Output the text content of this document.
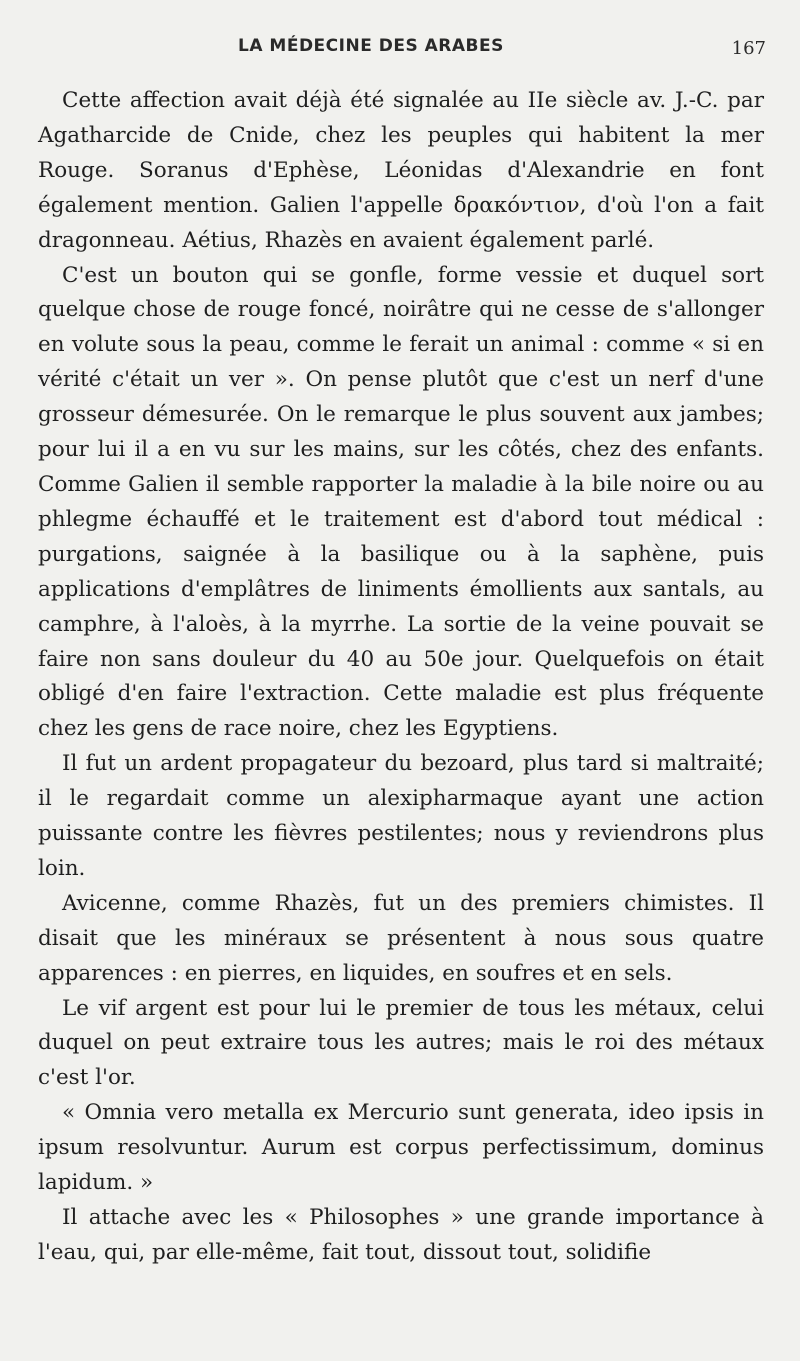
LA MÉDECINE DES ARABES	167

Cette affection avait déjà été signalée au IIe siècle av. J.-C. par Agatharcide de Cnide, chez les peuples qui habitent la mer Rouge. Soranus d'Ephèse, Léonidas d'Alexandrie en font également mention. Galien l'appelle δρακόντιον, d'où l'on a fait dragonneau. Aétius, Rhazès en avaient également parlé.

C'est un bouton qui se gonfle, forme vessie et duquel sort quelque chose de rouge foncé, noirâtre qui ne cesse de s'allonger en volute sous la peau, comme le ferait un animal : comme « si en vérité c'était un ver ». On pense plutôt que c'est un nerf d'une grosseur démesurée. On le remarque le plus souvent aux jambes; pour lui il a en vu sur les mains, sur les côtés, chez des enfants. Comme Galien il semble rapporter la maladie à la bile noire ou au phlegme échauffé et le traitement est d'abord tout médical : purgations, saignée à la basilique ou à la saphène, puis applications d'emplâtres de liniments émollients aux santals, au camphre, à l'aloès, à la myrrhe. La sortie de la veine pouvait se faire non sans douleur du 40 au 50e jour. Quelquefois on était obligé d'en faire l'extraction. Cette maladie est plus fréquente chez les gens de race noire, chez les Egyptiens.

Il fut un ardent propagateur du bezoard, plus tard si maltraité; il le regardait comme un alexipharmaque ayant une action puissante contre les fièvres pestilentes; nous y reviendrons plus loin.

Avicenne, comme Rhazès, fut un des premiers chimistes. Il disait que les minéraux se présentent à nous sous quatre apparences : en pierres, en liquides, en soufres et en sels.

Le vif argent est pour lui le premier de tous les métaux, celui duquel on peut extraire tous les autres; mais le roi des métaux c'est l'or.

« Omnia vero metalla ex Mercurio sunt generata, ideo ipsis in ipsum resolvuntur. Aurum est corpus perfectissimum, dominus lapidum. »

Il attache avec les « Philosophes » une grande importance à l'eau, qui, par elle-même, fait tout, dissout tout, solidifie
